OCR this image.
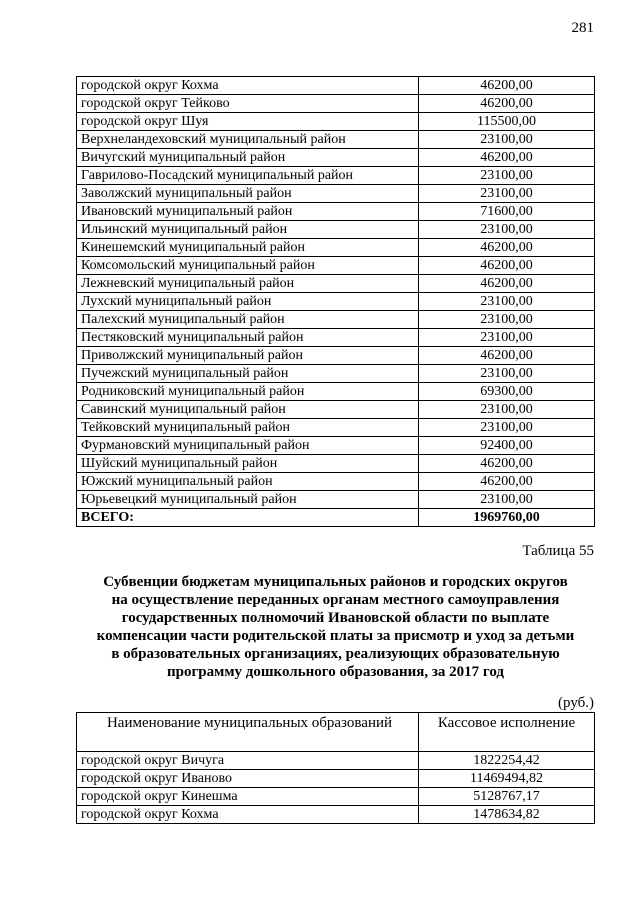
281
городской округ Кохма	46200,00
городской округ Тейково	46200,00
городской округ Шуя	115500,00
Верхнеландеховский муниципальный район	23100,00
Вичугский муниципальный район	46200,00
Гаврилово-Посадский муниципальный район	23100,00
Заволжский муниципальный район	23100,00
Ивановский муниципальный район	71600,00
Ильинский муниципальный район	23100,00
Кинешемский муниципальный район	46200,00
Комсомольский муниципальный район	46200,00
Лежневский муниципальный район	46200,00
Лухский муниципальный район	23100,00
Палехский муниципальный район	23100,00
Пестяковский муниципальный район	23100,00
Приволжский муниципальный район	46200,00
Пучежский муниципальный район	23100,00
Родниковский муниципальный район	69300,00
Савинский муниципальный район	23100,00
Тейковский муниципальный район	23100,00
Фурмановский муниципальный район	92400,00
Шуйский муниципальный район	46200,00
Южский муниципальный район	46200,00
Юрьевецкий муниципальный район	23100,00
ВСЕГО:	1969760,00
Таблица 55
Субвенции бюджетам муниципальных районов и городских округов
на осуществление переданных органам местного самоуправления
государственных полномочий Ивановской области по выплате
компенсации части родительской платы за присмотр и уход за детьми
в образовательных организациях, реализующих образовательную
программу дошкольного образования, за 2017 год
(руб.)
Наименование муниципальных образований	Кассовое исполнение
городской округ Вичуга	1822254,42
городской округ Иваново	11469494,82
городской округ Кинешма	5128767,17
городской округ Кохма	1478634,82
